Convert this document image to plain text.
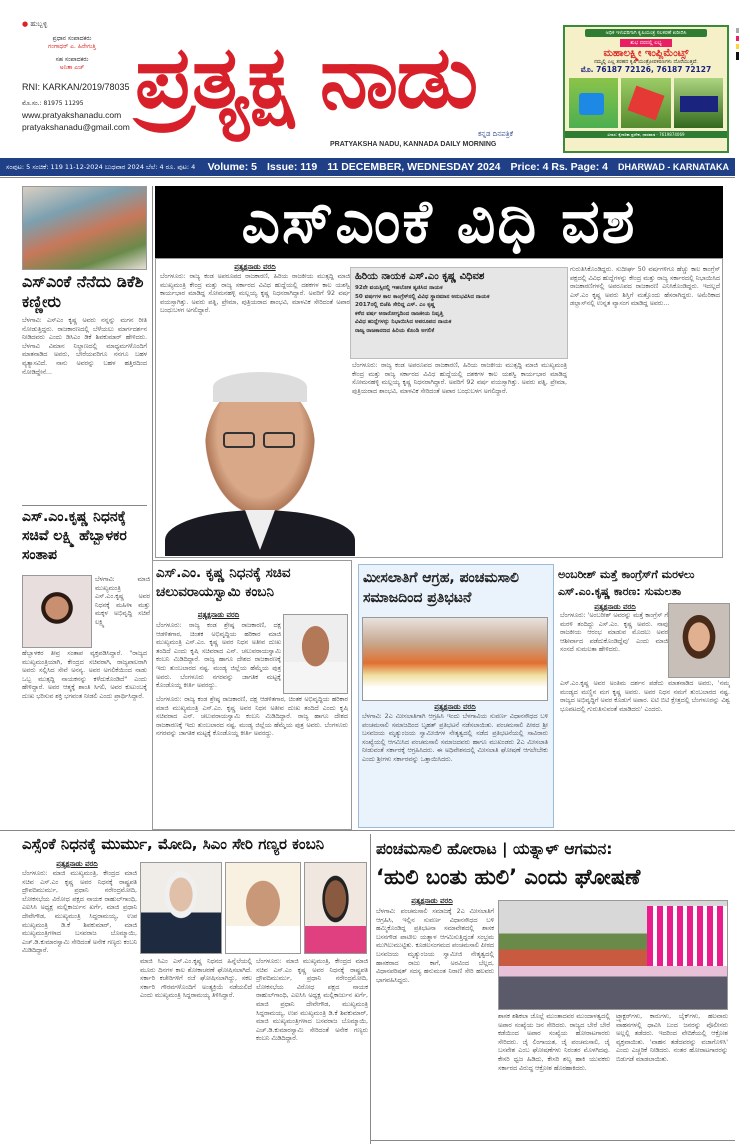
● ಹುಬ್ಬಳ್ಳಿ
ಪ್ರಧಾನ ಸಂಪಾದಕರು
ಗಂಗಾಧರ್ ಎ. ಹಿರೇಗುತ್ತಿ
ಸಹ ಸಂಪಾದಕರು
ಅನಿತಾ ಎಚ್
RNI: KARKAN/2019/78035
ಮೊ.ಸಂ.: 81975 11295
www.pratyakshanadu.com
pratyakshanadu@gmail.com ಪ್ರತ್ಯಕ್ಷ ನಾಡು
ಕನ್ನಡ ದಿನಪತ್ರಿಕೆ
PRATYAKSHA NADU, KANNADA DAILY MORNING
ಅಧಿಕ ಇಳುವರಿಗಾಗಿ ಕೃಷಿಯಂತ್ರ ಸಲಕರಣೆ ಖರೀದಿಸಿ
ಶುಭ ದರದಲ್ಲಿ ಲಭ್ಯ
ಮಹಾಲಕ್ಷ್ಮೀ ಇಂಪ್ಲಿಮೆಂಟ್ಸ್
ನಮ್ಮಲ್ಲಿ ಎಲ್ಲ ತರಹದ ಕೃಷಿ ಯಂತ್ರೋಪಕರಣಗಳು ದೊರೆಯುತ್ತವೆ.
ಮೊ. 76187 72126, 76187 72127
ವಿಳಾಸ: ಕೈಗಾರಿಕಾ ಪ್ರದೇಶ, ಧಾರವಾಡ - 7619874069
ಸಂಪುಟ: 5 ಸಂಚಿಕೆ: 119 11-12-2024 ಬುಧವಾರ 2024 ಬೆಲೆ: 4 ರೂ. ಪುಟ: 4 Volume: 5 Issue: 119 11 DECEMBER, WEDNESDAY 2024 Price: 4 Rs. Page: 4 DHARWAD - KARNATAKA
ಎಸ್‌ಎಂಕೆ ನೆನೆದು ಡಿಕೆಶಿ ಕಣ್ಣೀರು
ಬೆಳಗಾವಿ: ಎಸ್‌ಎಂ ಕೃಷ್ಣ ಅವರು ನನ್ನನ್ನು ಮಗನ ರೀತಿ ನೋಡುತ್ತಿದ್ದರು. ರಾಜಕಾರಣದಲ್ಲಿ ಬೆಳೆಯಲು ಮಾರ್ಗದರ್ಶನ ನೀಡಿದವರು ಎಂದು ಡಿಸಿಎಂ ಡಿಕೆ ಶಿವಕುಮಾರ್ ಹೇಳಿದರು. ಬೆಳಗಾವಿ ವಿಮಾನ ನಿಲ್ದಾಣದಲ್ಲಿ ಮಾಧ್ಯಮಗಳೊಂದಿಗೆ ಮಾತನಾಡಿದ ಅವರು, ಬೇರೆಯವರಿಗೂ ನನಗೂ ಬಹಳ ವ್ಯತ್ಯಾಸವಿದೆ. ನಾನು ಅವರನ್ನು ಬಹಳ ಹತ್ತಿರದಿಂದ ನೋಡಿದ್ದೇನೆ...
ಎಸ್.ಎಂ.ಕೃಷ್ಣ ನಿಧನಕ್ಕೆ ಸಚಿವೆ ಲಕ್ಷ್ಮಿ ಹೆಬ್ಬಾಳಕರ ಸಂತಾಪ
ಬೆಳಗಾವಿ: ಮಾಜಿ ಮುಖ್ಯಮಂತ್ರಿ ಎಸ್.ಎಂ.ಕೃಷ್ಣ ಅವರ ನಿಧನಕ್ಕೆ ಮಹಿಳಾ ಮತ್ತು ಮಕ್ಕಳ ಅಭಿವೃದ್ಧಿ ಸಚಿವೆ ಲಕ್ಷ್ಮಿ
ಹೆಬ್ಬಾಳಕರ ತೀವ್ರ ಸಂತಾಪ ವ್ಯಕ್ತಪಡಿಸಿದ್ದಾರೆ. "ರಾಜ್ಯದ ಮುಖ್ಯಮಂತ್ರಿಯಾಗಿ, ಕೇಂದ್ರದ ಸಚಿವರಾಗಿ, ರಾಜ್ಯಪಾಲರಾಗಿ ಅವರು ಸಲ್ಲಿಸಿದ ಸೇವೆ ಅನನ್ಯ. ಅವರ ಅಗಲಿಕೆಯಿಂದ ನಾಡು ಒಬ್ಬ ಮುತ್ಸದ್ದಿ ನಾಯಕನನ್ನು ಕಳೆದುಕೊಂಡಿದೆ" ಎಂದು ಹೇಳಿದ್ದಾರೆ. ಅವರ ಆತ್ಮಕ್ಕೆ ಶಾಂತಿ ಸಿಗಲಿ, ಅವರ ಕುಟುಂಬಕ್ಕೆ ದುಃಖ ಭರಿಸುವ ಶಕ್ತಿ ಭಗವಂತ ನೀಡಲಿ ಎಂದು ಪ್ರಾರ್ಥಿಸಿದ್ದಾರೆ.
ಎಸ್‌ಎಂಕೆ ವಿಧಿ ವಶ
ಪ್ರತ್ಯಕ್ಷನಾಡು ವರದಿ
ಬೆಂಗಳೂರು: ರಾಜ್ಯ ಕಂಡ ಅಪರೂಪದ ರಾಜಕಾರಣಿ, ಹಿರಿಯ ರಾಜಕೀಯ ಮುತ್ಸದ್ದಿ ಮಾಜಿ ಮುಖ್ಯಮಂತ್ರಿ ಕೇಂದ್ರ ಮತ್ತು ರಾಜ್ಯ ಸರ್ಕಾರದ ವಿವಿಧ ಹುದ್ದೆಯಲ್ಲಿ ದಶಕಗಳ ಕಾಲ ಯಶಸ್ವಿ ಕಾರ್ಯಭಾರ ಮಾಡಿದ್ದ ಸೋಮನಹಳ್ಳಿ ಮಲ್ಲಯ್ಯ ಕೃಷ್ಣ ನಿಧನರಾಗಿದ್ದಾರೆ. ಅವರಿಗೆ 92 ವರ್ಷ ವಯಸ್ಸಾಗಿತ್ತು. ಅವರು ಪತ್ನಿ, ಪ್ರೇಮಾ, ಪುತ್ರಿಯರಾದ ಶಾಂಭವಿ, ಮಾಳವಿಕ ಸೇರಿದಂತೆ ಅಪಾರ ಬಂಧುಬಳಗ ಅಗಲಿದ್ದಾರೆ.
ಹಿರಿಯ ನಾಯಕ ಎಸ್.ಎಂ ಕೃಷ್ಣ ವಿಧಿವಶ
92ನೇ ವಯಸ್ಸಿನಲ್ಲಿ ಇಹಲೋಕ ತ್ಯಜಿಸಿದ ನಾಯಕ
50 ವರ್ಷಗಳ ಕಾಲ ಕಾಂಗ್ರೆಸ್‌ನಲ್ಲಿ ವಿವಿಧ ಸ್ಥಾನಮಾನ ಅನುಭವಿಸಿದ ನಾಯಕ
2017ರಲ್ಲಿ ಬಿಜೆಪಿ ಸೇರಿದ್ದ ಎಸ್. ಎಂ ಕೃಷ್ಣ
ಕಳೆದ ವರ್ಷ ಅನಾರೋಗ್ಯದಿಂದ ರಾಜಕೀಯ ನಿವೃತ್ತಿ
ವಿವಿಧ ಹುದ್ದೆಗಳನ್ನು ನಿಭಾಯಿಸಿದ ಅಪರೂಪದ ನಾಯಕ
ರಾಜ್ಯ ರಾಜಕಾರಣದ ಹಿರಿಯ ಕೊಂಡಿ ಅಗಲಿಕೆ
ಗುರುತಿಸಿಕೊಂಡಿದ್ದರು. ಸುದೀರ್ಘ 50 ವರ್ಷಗಳಿಗೂ ಹೆಚ್ಚು ಕಾಲ ಕಾಂಗ್ರೆಸ್ ಪಕ್ಷದಲ್ಲಿ ವಿವಿಧ ಹುದ್ದೆಗಳನ್ನು ಕೇಂದ್ರ ಮತ್ತು ರಾಜ್ಯ ಸರ್ಕಾರದಲ್ಲಿ ನಿಭಾಯಿಸಿದ ರಾಜಕಾರಣಿಗಳಲ್ಲಿ ಅಪರೂಪದ ರಾಜಕಾರಣಿ ಎನಿಸಿಕೊಂಡಿದ್ದರು. ಇದಲ್ಲದೆ ಎಸ್.ಎಂ ಕೃಷ್ಣ ಅವರು ಶಿಸ್ತಿಗೆ ಮತ್ತೊಂದು ಹೆಸರಾಗಿದ್ದರು. ಅಮೆರಿಕಾದ ಡಲ್ಲಾಸ್‌ನಲ್ಲಿ ಉನ್ನತ ವ್ಯಾಸಂಗ ಮಾಡಿದ್ದ ಅವರು...
ಬೆಂಗಳೂರು: ರಾಜ್ಯ ಕಂಡ ಅಪರೂಪದ ರಾಜಕಾರಣಿ, ಹಿರಿಯ ರಾಜಕೀಯ ಮುತ್ಸದ್ದಿ ಮಾಜಿ ಮುಖ್ಯಮಂತ್ರಿ ಕೇಂದ್ರ ಮತ್ತು ರಾಜ್ಯ ಸರ್ಕಾರದ ವಿವಿಧ ಹುದ್ದೆಯಲ್ಲಿ ದಶಕಗಳ ಕಾಲ ಯಶಸ್ವಿ ಕಾರ್ಯಭಾರ ಮಾಡಿದ್ದ ಸೋಮನಹಳ್ಳಿ ಮಲ್ಲಯ್ಯ ಕೃಷ್ಣ ನಿಧನರಾಗಿದ್ದಾರೆ. ಅವರಿಗೆ 92 ವರ್ಷ ವಯಸ್ಸಾಗಿತ್ತು. ಅವರು ಪತ್ನಿ, ಪ್ರೇಮಾ, ಪುತ್ರಿಯರಾದ ಶಾಂಭವಿ, ಮಾಳವಿಕ ಸೇರಿದಂತೆ ಅಪಾರ ಬಂಧುಬಳಗ ಅಗಲಿದ್ದಾರೆ.
ಎಸ್.ಎಂ. ಕೃಷ್ಣ ನಿಧನಕ್ಕೆ ಸಚಿವ ಚಲುವರಾಯಸ್ವಾಮಿ ಕಂಬನಿ
ಪ್ರತ್ಯಕ್ಷನಾಡು ವರದಿ
ಬೆಂಗಳೂರು: ರಾಜ್ಯ ಕಂಡ ಶ್ರೇಷ್ಠ ರಾಜಕಾರಣಿ, ದಕ್ಷ ಆಡಳಿತಗಾರ, ಚಿಂತಕ ಅಭಿವೃದ್ಧಿಯ ಹರಿಕಾರ ಮಾಜಿ ಮುಖ್ಯಮಂತ್ರಿ ಎಸ್.ಎಂ. ಕೃಷ್ಣ ಅವರ ನಿಧನ ಅತೀವ ದುಃಖ ತಂದಿದೆ ಎಂದು ಕೃಷಿ ಸಚಿವರಾದ ಎನ್. ಚಲುವರಾಯಸ್ವಾಮಿ ಕಂಬನಿ ಮಿಡಿದಿದ್ದಾರೆ. ರಾಜ್ಯ ಹಾಗೂ ದೇಶದ ರಾಜಕಾರಣಕ್ಕೆ ಇದು ತುಂಬಲಾರದ ನಷ್ಟ. ಮಂಡ್ಯ ಜಿಲ್ಲೆಯ ಹೆಮ್ಮೆಯ ಪುತ್ರ ಅವರು. ಬೆಂಗಳೂರು ನಗರವನ್ನು ಜಾಗತಿಕ ಮಟ್ಟಕ್ಕೆ ಕೊಂಡೊಯ್ದ ಕೀರ್ತಿ ಅವರದ್ದು.
ಬೆಂಗಳೂರು: ರಾಜ್ಯ ಕಂಡ ಶ್ರೇಷ್ಠ ರಾಜಕಾರಣಿ, ದಕ್ಷ ಆಡಳಿತಗಾರ, ಚಿಂತಕ ಅಭಿವೃದ್ಧಿಯ ಹರಿಕಾರ ಮಾಜಿ ಮುಖ್ಯಮಂತ್ರಿ ಎಸ್.ಎಂ. ಕೃಷ್ಣ ಅವರ ನಿಧನ ಅತೀವ ದುಃಖ ತಂದಿದೆ ಎಂದು ಕೃಷಿ ಸಚಿವರಾದ ಎನ್. ಚಲುವರಾಯಸ್ವಾಮಿ ಕಂಬನಿ ಮಿಡಿದಿದ್ದಾರೆ. ರಾಜ್ಯ ಹಾಗೂ ದೇಶದ ರಾಜಕಾರಣಕ್ಕೆ ಇದು ತುಂಬಲಾರದ ನಷ್ಟ. ಮಂಡ್ಯ ಜಿಲ್ಲೆಯ ಹೆಮ್ಮೆಯ ಪುತ್ರ ಅವರು. ಬೆಂಗಳೂರು ನಗರವನ್ನು ಜಾಗತಿಕ ಮಟ್ಟಕ್ಕೆ ಕೊಂಡೊಯ್ದ ಕೀರ್ತಿ ಅವರದ್ದು.
ಮೀಸಲಾತಿಗೆ ಆಗ್ರಹ, ಪಂಚಮಸಾಲಿ ಸಮಾಜದಿಂದ ಪ್ರತಿಭಟನೆ
ಪ್ರತ್ಯಕ್ಷನಾಡು ವರದಿ
ಬೆಳಗಾವಿ: 2ಎ ಮೀಸಲಾತಿಗಾಗಿ ಆಗ್ರಹಿಸಿ ಇಂದು ಬೆಳಗಾವಿಯ ಸುವರ್ಣ ವಿಧಾನಸೌಧದ ಬಳಿ ಪಂಚಮಸಾಲಿ ಸಮಾಜದಿಂದ ಬೃಹತ್ ಪ್ರತಿಭಟನೆ ನಡೆಸಲಾಯಿತು. ಪಂಚಮಸಾಲಿ ಪೀಠದ ಶ್ರೀ ಬಸವಜಯ ಮೃತ್ಯುಂಜಯ ಸ್ವಾಮೀಜಿಗಳ ನೇತೃತ್ವದಲ್ಲಿ ನಡೆದ ಪ್ರತಿಭಟನೆಯಲ್ಲಿ ಸಾವಿರಾರು ಸಂಖ್ಯೆಯಲ್ಲಿ ಆಗಮಿಸಿದ ಪಂಚಮಸಾಲಿ ಸಮಾಜದವರು ಹಾಗೂ ಮುಖಂಡರು 2ಎ ಮೀಸಲಾತಿ ನೀಡುವಂತೆ ಸರ್ಕಾರಕ್ಕೆ ಆಗ್ರಹಿಸಿದರು. ಈ ಅಧಿವೇಶನದಲ್ಲಿ ಮೀಸಲಾತಿ ಘೋಷಣೆ ಆಗಲೇಬೇಕು ಎಂದು ಶ್ರೀಗಳು ಸರ್ಕಾರವನ್ನು ಒತ್ತಾಯಿಸಿದರು.
ಅಂಬರೀಶ್ ಮತ್ತೆ ಕಾಂಗ್ರೆಸ್‌ಗೆ ಮರಳಲು ಎಸ್.ಎಂ.ಕೃಷ್ಣ ಕಾರಣ: ಸುಮಲತಾ
ಪ್ರತ್ಯಕ್ಷನಾಡು ವರದಿ
ಬೆಂಗಳೂರು: 'ಅಂಬರೀಶ್ ಅವರನ್ನು ಮತ್ತೆ ಕಾಂಗ್ರೆಸ್ ಗೆ ಮರಳಿ ತಂದಿದ್ದು ಎಸ್.ಎಂ. ಕೃಷ್ಣ ಅವರು. ನಾವು ರಾಜಕೀಯ ಆರಂಭ ಮಾಡುವ ಮೊದಲು ಅವರ ಆಶೀರ್ವಾದ ಪಡೆದುಕೊಂಡಿದ್ದೆವು' ಎಂದು ಮಾಜಿ ಸಂಸದೆ ಸುಮಲತಾ ಹೇಳಿದರು.
ಎಸ್.ಎಂ.ಕೃಷ್ಣ ಅವರ ಅಂತಿಮ ದರ್ಶನ ಪಡೆದು ಮಾತನಾಡಿದ ಅವರು, 'ನಮ್ಮ ಮಂಡ್ಯದ ಮಣ್ಣಿನ ಮಗ ಕೃಷ್ಣ ಅವರು. ಅವರ ನಿಧನ ನಮಗೆ ತುಂಬಲಾರದ ನಷ್ಟ. ರಾಜ್ಯದ ಅಭಿವೃದ್ಧಿಗೆ ಅವರ ಕೊಡುಗೆ ಅಪಾರ. ಐಟಿ ಬಿಟಿ ಕ್ಷೇತ್ರದಲ್ಲಿ ಬೆಂಗಳೂರನ್ನು ವಿಶ್ವ ಭೂಪಟದಲ್ಲಿ ಗುರುತಿಸುವಂತೆ ಮಾಡಿದರು' ಎಂದರು.
ಎಸ್ಸೆಂಕೆ ನಿಧನಕ್ಕೆ ಮುರ್ಮು, ಮೋದಿ, ಸಿಎಂ ಸೇರಿ ಗಣ್ಯರ ಕಂಬನಿ
ಪ್ರತ್ಯಕ್ಷನಾಡು ವರದಿ
ಬೆಂಗಳೂರು: ಮಾಜಿ ಮುಖ್ಯಮಂತ್ರಿ, ಕೇಂದ್ರದ ಮಾಜಿ ಸಚಿವ ಎಸ್.ಎಂ ಕೃಷ್ಣ ಅವರ ನಿಧನಕ್ಕೆ ರಾಷ್ಟ್ರಪತಿ ದ್ರೌಪದಿಮುರ್ಮು, ಪ್ರಧಾನಿ ನರೇಂದ್ರಮೋದಿ, ಲೋಕಸಭೆಯ ವಿರೋಧ ಪಕ್ಷದ ನಾಯಕ ರಾಹುಲ್‌ಗಾಂಧಿ, ಎಐಸಿಸಿ ಅಧ್ಯಕ್ಷ ಮಲ್ಲಿಕಾರ್ಜುನ ಖರ್ಗೆ, ಮಾಜಿ ಪ್ರಧಾನಿ ದೇವೇಗೌಡ, ಮುಖ್ಯಮಂತ್ರಿ ಸಿದ್ದರಾಮಯ್ಯ, ಉಪ ಮುಖ್ಯಮಂತ್ರಿ ಡಿ.ಕೆ ಶಿವಕುಮಾರ್, ಮಾಜಿ ಮುಖ್ಯಮಂತ್ರಿಗಳಾದ ಬಸವರಾಜ ಬೊಮ್ಮಾಯಿ, ಎಚ್.ಡಿ.ಕುಮಾರಸ್ವಾಮಿ ಸೇರಿದಂತೆ ಅನೇಕ ಗಣ್ಯರು ಕಂಬನಿ ಮಿಡಿದಿದ್ದಾರೆ.
ಮಾಜಿ ಸಿಎಂ ಎಸ್.ಎಂ.ಕೃಷ್ಣ ನಿಧನದ ಹಿನ್ನೆಲೆಯಲ್ಲಿ ಮೂರು ದಿನಗಳ ಕಾಲ ಶೋಕಾಚರಣೆ ಘೋಷಿಸಲಾಗಿದೆ. ಸರ್ಕಾರಿ ಕಚೇರಿಗಳಿಗೆ ರಜೆ ಘೋಷಿಸಲಾಗಿದ್ದು, ಸಕಲ ಸರ್ಕಾರಿ ಗೌರವಗಳೊಂದಿಗೆ ಅಂತ್ಯಕ್ರಿಯೆ ನಡೆಯಲಿದೆ ಎಂದು ಮುಖ್ಯಮಂತ್ರಿ ಸಿದ್ದರಾಮಯ್ಯ ತಿಳಿಸಿದ್ದಾರೆ.
ಬೆಂಗಳೂರು: ಮಾಜಿ ಮುಖ್ಯಮಂತ್ರಿ, ಕೇಂದ್ರದ ಮಾಜಿ ಸಚಿವ ಎಸ್.ಎಂ ಕೃಷ್ಣ ಅವರ ನಿಧನಕ್ಕೆ ರಾಷ್ಟ್ರಪತಿ ದ್ರೌಪದಿಮುರ್ಮು, ಪ್ರಧಾನಿ ನರೇಂದ್ರಮೋದಿ, ಲೋಕಸಭೆಯ ವಿರೋಧ ಪಕ್ಷದ ನಾಯಕ ರಾಹುಲ್‌ಗಾಂಧಿ, ಎಐಸಿಸಿ ಅಧ್ಯಕ್ಷ ಮಲ್ಲಿಕಾರ್ಜುನ ಖರ್ಗೆ, ಮಾಜಿ ಪ್ರಧಾನಿ ದೇವೇಗೌಡ, ಮುಖ್ಯಮಂತ್ರಿ ಸಿದ್ದರಾಮಯ್ಯ, ಉಪ ಮುಖ್ಯಮಂತ್ರಿ ಡಿ.ಕೆ ಶಿವಕುಮಾರ್, ಮಾಜಿ ಮುಖ್ಯಮಂತ್ರಿಗಳಾದ ಬಸವರಾಜ ಬೊಮ್ಮಾಯಿ, ಎಚ್.ಡಿ.ಕುಮಾರಸ್ವಾಮಿ ಸೇರಿದಂತೆ ಅನೇಕ ಗಣ್ಯರು ಕಂಬನಿ ಮಿಡಿದಿದ್ದಾರೆ.
ಪಂಚಮಸಾಲಿ ಹೋರಾಟ | ಯತ್ನಾಳ್ ಆಗಮನ:
‘ಹುಲಿ ಬಂತು ಹುಲಿ’ ಎಂದು ಘೋಷಣೆ
ಪ್ರತ್ಯಕ್ಷನಾಡು ವರದಿ
ಬೆಳಗಾವಿ: ಪಂಚಮಸಾಲಿ ಸಮಾಜಕ್ಕೆ 2ಎ ಮೀಸಲಾತಿಗೆ ಆಗ್ರಹಿಸಿ, ಇಲ್ಲಿನ ಸುವರ್ಣ ವಿಧಾನಸೌಧದ ಬಳಿ ಹಮ್ಮಿಕೊಂಡಿದ್ದ ಪ್ರತಿಭಟನಾ ಸಮಾವೇಶದಲ್ಲಿ ಶಾಸಕ ಬಸನಗೌಡ ಪಾಟೀಲ ಯತ್ನಾಳ ಆಗಮಿಸುತ್ತಿದ್ದಂತೆ ಸಂಭ್ರಮ ಮುಗಿಲುಮುಟ್ಟಿತು. ಕೂಡಲಸಂಗಮದ ಪಂಚಮಸಾಲಿ ಪೀಠದ ಬಸವಜಯ ಮೃತ್ಯುಂಜಯ ಸ್ವಾಮೀಜಿ ನೇತೃತ್ವದಲ್ಲಿ ಹಾಸಕರಾದ ರಾಜು ಕಾಗೆ, ಅರವಿಂದ ಬೆಲ್ಲದ, ವಿಧಾನಪರಿಷತ್ ಸದಸ್ಯ ಹನುಮಂತ ನಿರಾಣಿ ಸೇರಿ ಹಲವರು ಭಾಗವಹಿಸಿದ್ದರು.
ಶಾಸಕ ಶಶಿಕಲಾ ಜೊಲ್ಲೆ ಮುಂತಾದವರ ಮುಂದಾಳತ್ವದಲ್ಲಿ ಅಪಾರ ಸಂಖ್ಯೆಯ ಜನ ಸೇರಿದರು. ರಾಜ್ಯದ ಬೇರೆ ಬೇರೆ ಕಡೆಯಿಂದ ಅಪಾರ ಸಂಖ್ಯೆಯ ಹೋರಾಟಗಾರರು ಸೇರಿದರು. ಜೈ ಲಿಂಗಾಯತ, ಜೈ ಪಂಚಮಸಾಲಿ, ಜೈ ಬಸವೇಶ ಎಂಬ ಘೋಷಣೆಗಳು ನಿರಂತರ ಮೊಳಗಿದವು. ಕೇಸರಿ ಧ್ವಜ ಹಿಡಿದು, ಕೇಸರಿ ಶಲ್ಯ ಹಾಕಿ ಯುವಕರು ಸರ್ಕಾರದ ವಿರುದ್ಧ ಆಕ್ರೋಶ ಹೊರಹಾಕಿದರು.
ಟ್ರ್ಯಾಕ್ಟರ್‌ಗಳು, ಕಾರುಗಳು, ಬೈಕ್‌ಗಳು, ಹಲವಾರು ವಾಹನಗಳಲ್ಲಿ ಧಾವಿಸಿ ಬಂದ ಜನರನ್ನು ಪೊಲೀಸರು ಅಲ್ಲಲ್ಲಿ ತಡೆದರು. ಇದರಿಂದ ವೇದಿಕೆಯಲ್ಲಿ ಆಕ್ರೋಶ ವ್ಯಕ್ತವಾಯಿತು. 'ವಾಹನ ತಡೆದವರನ್ನು ವಜಾಗೊಳಿಸಿ' ಎಂದು ಎಚ್ಚರಿಕೆ ನೀಡಿದರು. ನಂತರ ಹೋರಾಟಗಾರರನ್ನು ಬಿಡುಗಡೆ ಮಾಡಲಾಯಿತು.
